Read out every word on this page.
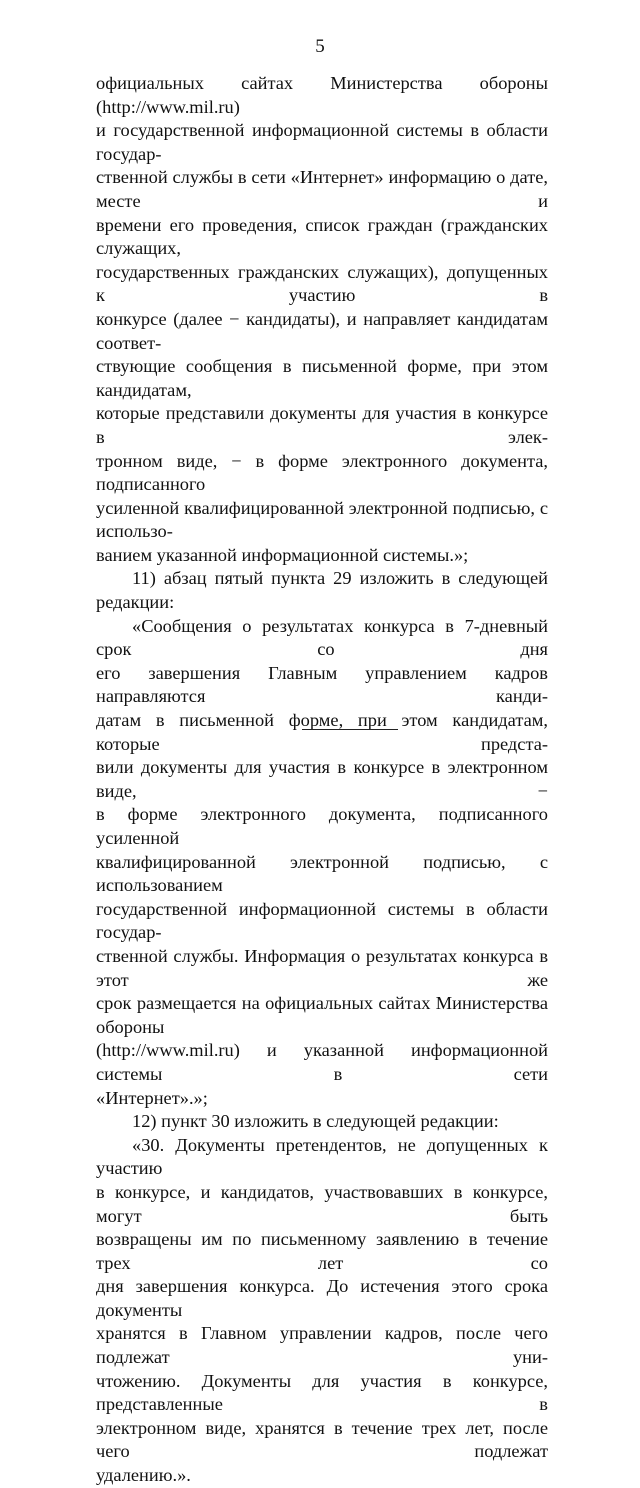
5

официальных сайтах Министерства обороны (http://www.mil.ru)

и государственной информационной системы в области государ-

ственной службы в сети «Интернет» информацию о дате, месте и

времени его проведения, список граждан (гражданских служащих,

государственных гражданских служащих), допущенных к участию в

конкурсе (далее − кандидаты), и направляет кандидатам соответ-

ствующие сообщения в письменной форме, при этом кандидатам,

которые представили документы для участия в конкурсе в элек-

тронном виде, − в форме электронного документа, подписанного

усиленной квалифицированной электронной подписью, с использо-

ванием указанной информационной системы.»;

11) абзац пятый пункта 29 изложить в следующей редакции:

«Сообщения о результатах конкурса в 7-дневный срок со дня

его завершения Главным управлением кадров направляются канди-

датам в письменной форме, при этом кандидатам, которые предста-

вили документы для участия в конкурсе в электронном виде, −

в форме электронного документа, подписанного усиленной

квалифицированной электронной подписью, с использованием

государственной информационной системы в области государ-

ственной службы. Информация о результатах конкурса в этот же

срок размещается на официальных сайтах Министерства обороны

(http://www.mil.ru) и указанной информационной системы в сети

«Интернет».»;

12) пункт 30 изложить в следующей редакции:

«30. Документы претендентов, не допущенных к участию

в конкурсе, и кандидатов, участвовавших в конкурсе, могут быть

возвращены им по письменному заявлению в течение трех лет со

дня завершения конкурса. До истечения этого срока документы

хранятся в Главном управлении кадров, после чего подлежат уни-

чтожению. Документы для участия в конкурсе, представленные в

электронном виде, хранятся в течение трех лет, после чего подлежат

удалению.».
